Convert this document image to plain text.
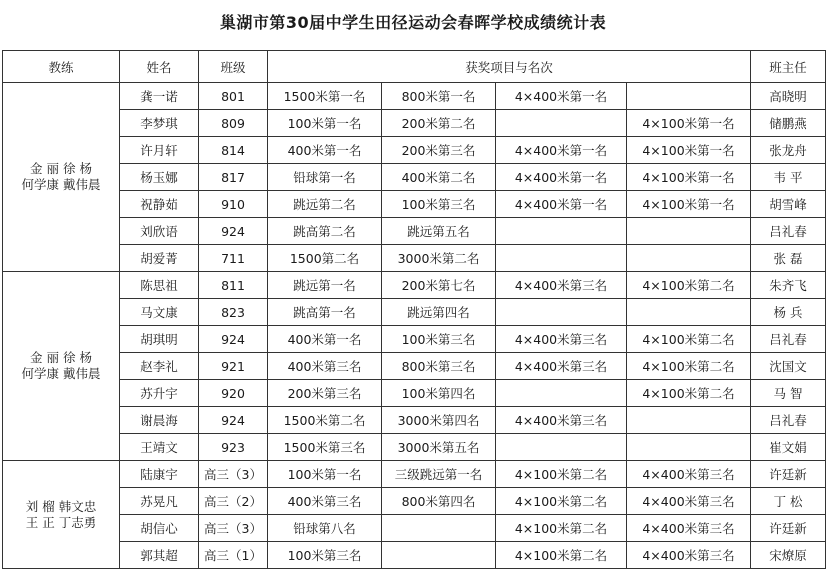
巢湖市第30届中学生田径运动会春晖学校成绩统计表
教练	姓名	班级	获奖项目与名次				班主任

金 丽 徐 杨
何学康 戴伟晨	龚一诺	801	1500米第一名	800米第一名	4×400米第一名		高晓明
	李梦琪	809	100米第一名	200米第二名		4×100米第一名	储鹏燕
	许月轩	814	400米第一名	200米第三名	4×400米第一名	4×100米第一名	张龙舟
	杨玉娜	817	铅球第一名	400米第二名	4×400米第一名	4×100米第一名	韦 平
	祝静茹	910	跳远第二名	100米第三名	4×400米第一名	4×100米第一名	胡雪峰
	刘欣语	924	跳高第二名	跳远第五名			吕礼春
	胡爱菁	711	1500第二名	3000米第二名			张 磊

金 丽 徐 杨
何学康 戴伟晨	陈思祖	811	跳远第一名	200米第七名	4×400米第三名	4×100米第二名	朱齐飞
	马文康	823	跳高第一名	跳远第四名			杨 兵
	胡琪明	924	400米第一名	100米第三名	4×400米第三名	4×100米第二名	吕礼春
	赵李礼	921	400米第三名	800米第三名	4×400米第三名	4×100米第二名	沈国文
	苏升宇	920	200米第三名	100米第四名		4×100米第二名	马 智
	谢晨海	924	1500米第二名	3000米第四名	4×400米第三名		吕礼春
	王靖文	923	1500米第三名	3000米第五名			崔文娟

刘 榴 韩文忠
王 正 丁志勇	陆康宇	高三（3）	100米第一名	三级跳远第一名	4×100米第二名	4×400米第三名	许廷新
	苏晃凡	高三（2）	400米第三名	800米第四名	4×100米第二名	4×400米第三名	丁 松
	胡信心	高三（3）	铅球第八名		4×100米第二名	4×400米第三名	许廷新
	郭其超	高三（1）	100米第三名		4×100米第二名	4×400米第三名	宋燎原
